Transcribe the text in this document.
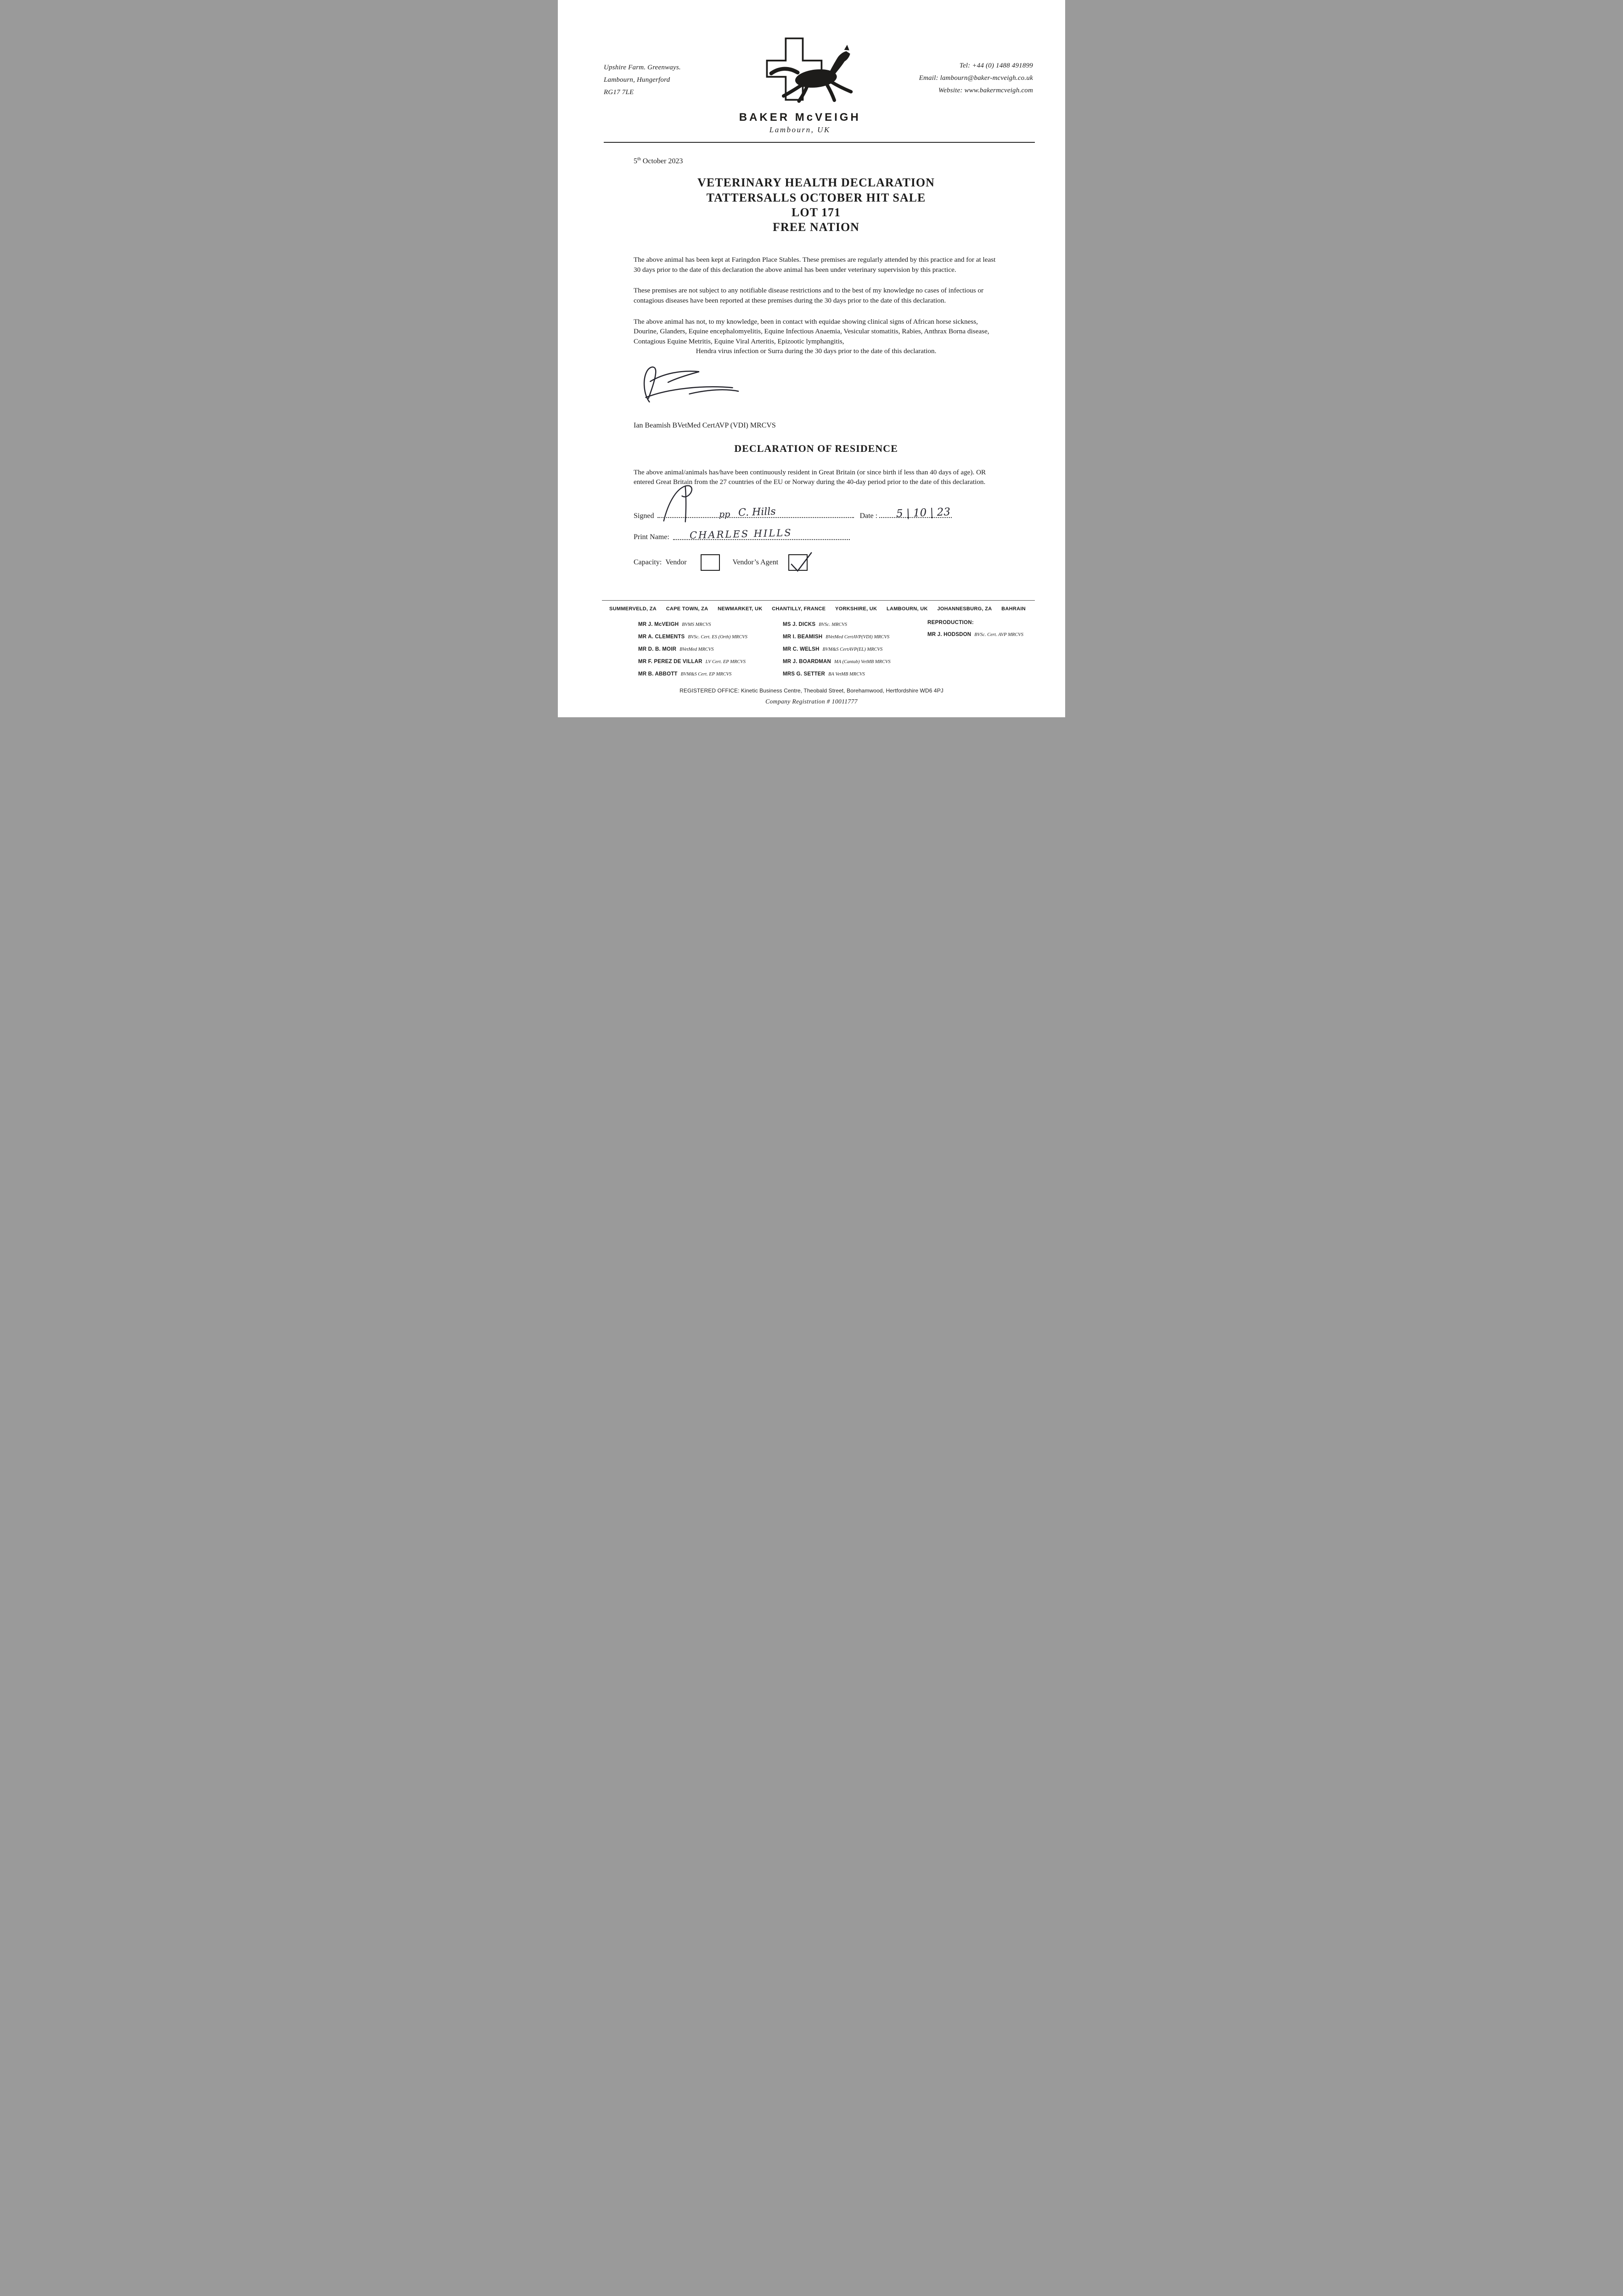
Upshire Farm. Greenways.
Lambourn, Hungerford
RG17 7LE
BAKER McVEIGH
Lambourn, UK
Tel: +44 (0) 1488 491899
Email: lambourn@baker-mcveigh.co.uk
Website: www.bakermcveigh.com
5th October 2023
VETERINARY HEALTH DECLARATION
TATTERSALLS OCTOBER HIT SALE
LOT 171
FREE NATION

The above animal has been kept at Faringdon Place Stables. These premises are regularly attended by this practice and for at least 30 days prior to the date of this declaration the above animal has been under veterinary supervision by this practice.

These premises are not subject to any notifiable disease restrictions and to the best of my knowledge no cases of infectious or contagious diseases have been reported at these premises during the 30 days prior to the date of this declaration.

The above animal has not, to my knowledge, been in contact with equidae showing clinical signs of African horse sickness, Dourine, Glanders, Equine encephalomyelitis, Equine Infectious Anaemia, Vesicular stomatitis, Rabies, Anthrax Borna disease, Contagious Equine Metritis, Equine Viral Arteritis, Epizootic lymphangitis,

Hendra virus infection or Surra during the 30 days prior to the date of this declaration.

Ian Beamish BVetMed CertAVP (VDI) MRCVS
DECLARATION OF RESIDENCE

The above animal/animals has/have been continuously resident in Great Britain (or since birth if less than 40 days of age). OR entered Great Britain from the 27 countries of the EU or Norway during the 40-day period prior to the date of this declaration.

Signed	Date :
pp C. Hills	5 | 10 | 23
Print Name: CHARLES HILLS
Capacity: Vendor	Vendor’s Agent
SUMMERVELD, ZA CAPE TOWN, ZA NEWMARKET, UK CHANTILLY, FRANCE YORKSHIRE, UK LAMBOURN, UK JOHANNESBURG, ZA BAHRAIN
MR J. McVEIGH BVMS MRCVS
MR A. CLEMENTS BVSc. Cert. ES (Orth) MRCVS
MR D. B. MOIR BVetMed MRCVS
MR F. PEREZ DE VILLAR LV Cert. EP MRCVS
MR B. ABBOTT BVM&S Cert. EP MRCVS
MS J. DICKS BVSc. MRCVS
MR I. BEAMISH BVetMed CertAVP(VDI) MRCVS
MR C. WELSH BVM&S CertAVP(EL) MRCVS
MR J. BOARDMAN MA (Cantab) VetMB MRCVS
MRS G. SETTER BA VetMB MRCVS
REPRODUCTION:
MR J. HODSDON BVSc. Cert. AVP MRCVS
REGISTERED OFFICE: Kinetic Business Centre, Theobald Street, Borehamwood, Hertfordshire WD6 4PJ
Company Registration # 10011777
